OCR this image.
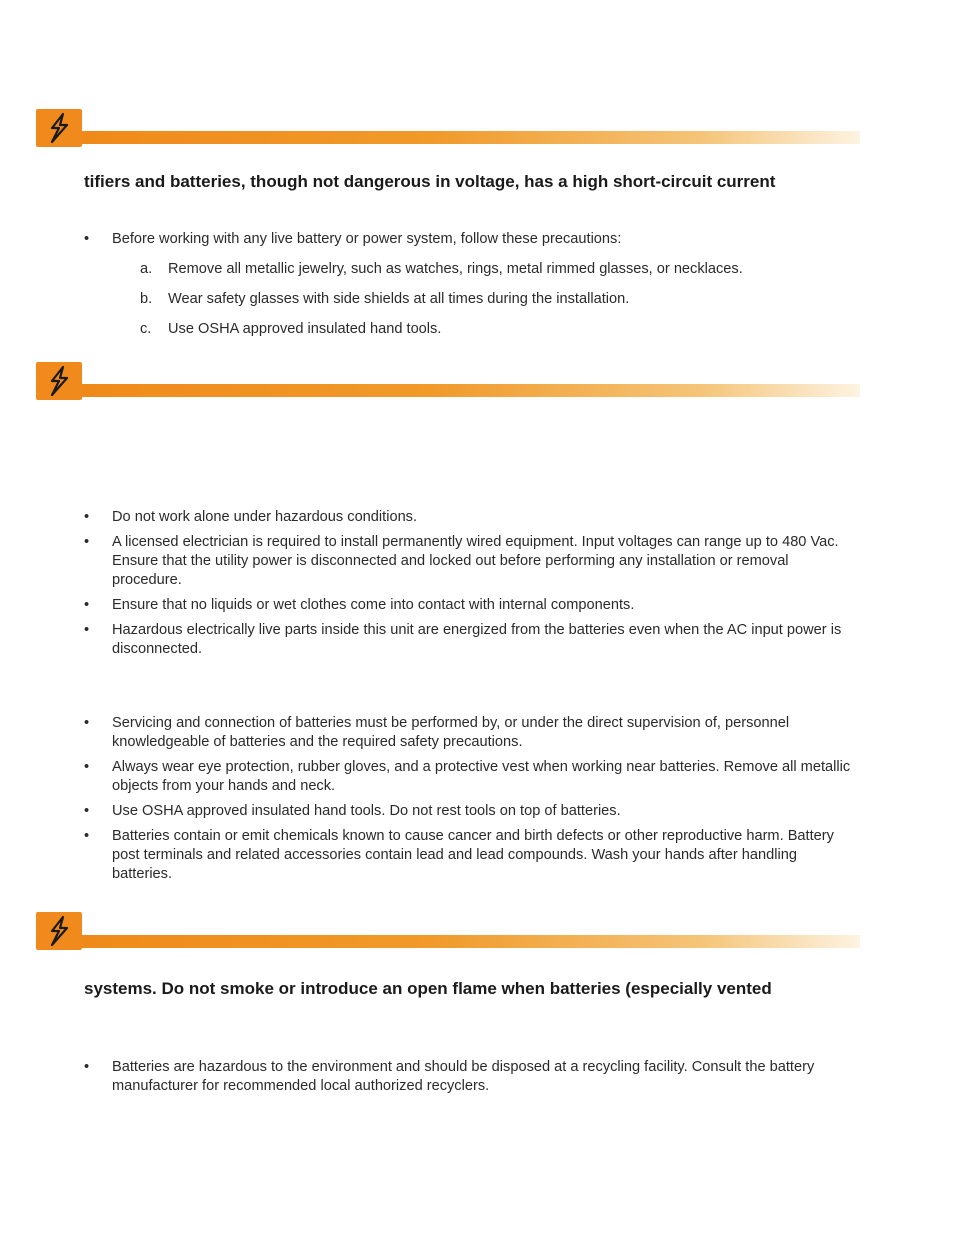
tifiers and batteries, though not dangerous in voltage, has a high short-circuit current
• Before working with any live battery or power system, follow these precautions:
a. Remove all metallic jewelry, such as watches, rings, metal rimmed glasses, or necklaces.
b. Wear safety glasses with side shields at all times during the installation.
c. Use OSHA approved insulated hand tools.
• Do not work alone under hazardous conditions.
• A licensed electrician is required to install permanently wired equipment. Input voltages can range up to 480 Vac. Ensure that the utility power is disconnected and locked out before performing any installation or removal procedure.
• Ensure that no liquids or wet clothes come into contact with internal components.
• Hazardous electrically live parts inside this unit are energized from the batteries even when the AC input power is disconnected.
• Servicing and connection of batteries must be performed by, or under the direct supervision of, personnel knowledgeable of batteries and the required safety precautions.
• Always wear eye protection, rubber gloves, and a protective vest when working near batteries. Remove all metallic objects from your hands and neck.
• Use OSHA approved insulated hand tools. Do not rest tools on top of batteries.
• Batteries contain or emit chemicals known to cause cancer and birth defects or other reproductive harm. Battery post terminals and related accessories contain lead and lead compounds. Wash your hands after handling batteries.
systems. Do not smoke or introduce an open flame when batteries (especially vented
• Batteries are hazardous to the environment and should be disposed at a recycling facility. Consult the battery manufacturer for recommended local authorized recyclers.
